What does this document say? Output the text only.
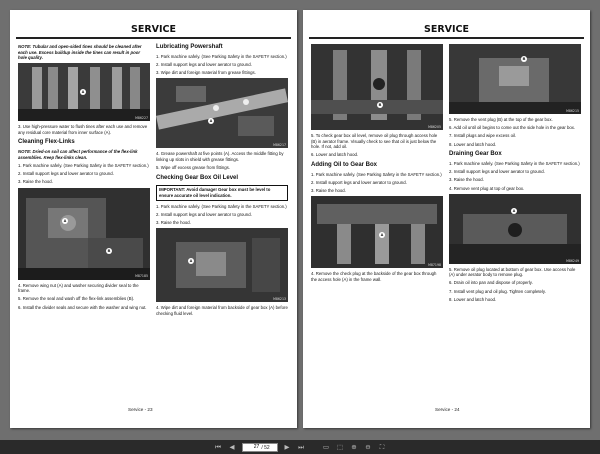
SERVICE

NOTE: Tubular and open-sided tines should be cleaned after each use. Excess buildup inside the tines can result in poor hole quality.

A
M86227

3. Use high-pressure water to flush tines after each use and remove any residual core material from inner surface (A).

Cleaning Flex-Links

NOTE: Dried-on soil can affect performance of the flex-link assemblies. Keep flex-links clean.

1. Park machine safely. (See Parking Safety in the SAFETY section.)

2. Install support legs and lower aerator to ground.

3. Raise the hood.

A
B
M87185

4. Remove wing nut (A) and washer securing divider seal to the frame.

5. Remove the seal and wash off the flex-link assemblies (B).

6. Install the divider seals and secure with the washer and wing nut.

Lubricating Powershaft

1. Park machine safely. (See Parking Safety in the SAFETY section.)

2. Install support legs and lower aerator to ground.

3. Wipe dirt and foreign material from grease fittings.

A
M86217

4. Grease powershaft at five points (A). Access the middle fitting by linking up slots in shield with grease fittings.

5. Wipe off excess grease from fittings.

Checking Gear Box Oil Level

IMPORTANT: Avoid damage! Gear box must be level to ensure accurate oil level indication.

1. Park machine safely. (See Parking Safety in the SAFETY section.)

2. Install support legs and lower aerator to ground.

3. Raise the hood.

A
M86213

4. Wipe dirt and foreign material from backside of gear box (A) before checking fluid level.

Service - 23
SERVICE
B
M86205

5. To check gear box oil level, remove oil plug through access hole (B) in aerator frame. Visually check to see that oil is just below the hole. If not, add oil.

6. Lower and latch hood.

Adding Oil to Gear Box

1. Park machine safely. (See Parking Safety in the SAFETY section.)

2. Install support legs and lower aerator to ground.

3. Raise the hood.

A
M87198

4. Remove the check plug at the backside of the gear box through the access hole (A) in the frame wall.

B
M86215

5. Remove the vent plug (B) at the top of the gear box.

6. Add oil until oil begins to come out the side hole in the gear box.

7. Install plugs and wipe excess oil.

8. Lower and latch hood.

Draining Gear Box

1. Park machine safely. (See Parking Safety in the SAFETY section.)

2. Install support legs and lower aerator to ground.

3. Raise the hood.

4. Remove vent plug at top of gear box.

A
M86249

5. Remove oil plug located at bottom of gear box. Use access hole (A) under aerator body to remove plug.

6. Drain oil into pan and dispose of properly.

7. Install vent plug and oil plug. Tighten completely.

8. Lower and latch hood.

Service - 24
⏮	◀
27	/ 52	▶	⏭	▭ ⬚ ⊕ ⊖	⛶
